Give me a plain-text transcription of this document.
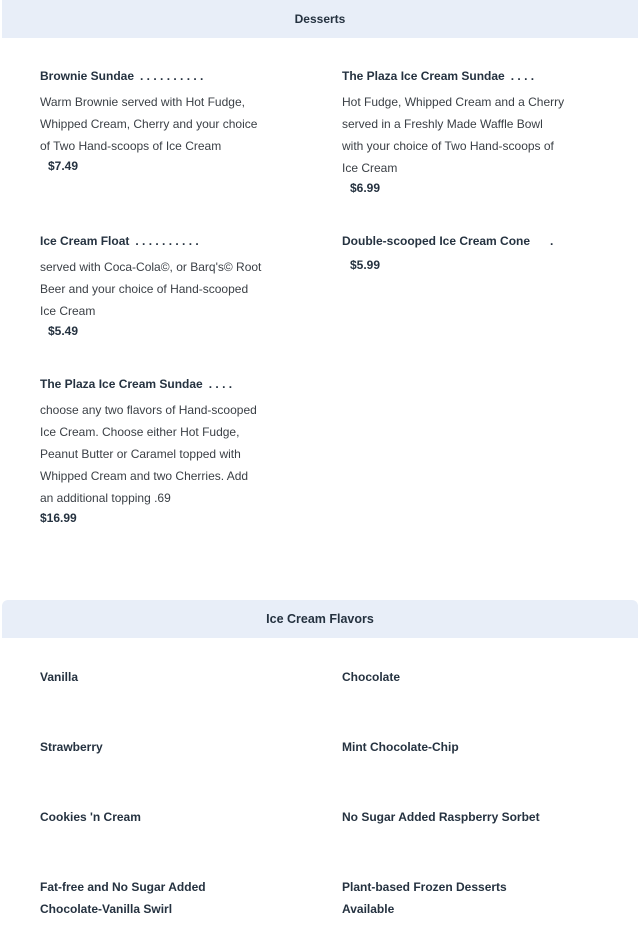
Desserts
Brownie Sundae . . . . . . . . . .
Warm Brownie served with Hot Fudge, Whipped Cream, Cherry and your choice of Two Hand-scoops of Ice Cream
$7.49
The Plaza Ice Cream Sundae . . . .
Hot Fudge, Whipped Cream and a Cherry served in a Freshly Made Waffle Bowl with your choice of Two Hand-scoops of Ice Cream
$6.99
Ice Cream Float . . . . . . . . . .
served with Coca-Cola©, or Barq's© Root Beer and your choice of Hand-scooped Ice Cream
$5.49
Double-scooped Ice Cream Cone .
$5.99
The Plaza Ice Cream Sundae . . . .
choose any two flavors of Hand-scooped Ice Cream. Choose either Hot Fudge, Peanut Butter or Caramel topped with Whipped Cream and two Cherries. Add an additional topping .69
$16.99
Ice Cream Flavors
Vanilla	Chocolate
Strawberry	Mint Chocolate-Chip
Cookies 'n Cream	No Sugar Added Raspberry Sorbet
Fat-free and No Sugar Added Chocolate-Vanilla Swirl
Plant-based Frozen Desserts Available
